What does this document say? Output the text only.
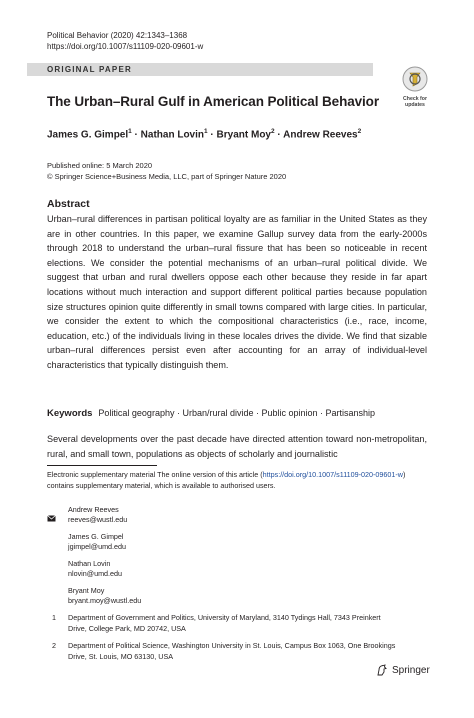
Political Behavior (2020) 42:1343–1368
https://doi.org/10.1007/s11109-020-09601-w
ORIGINAL PAPER
Check for updates
The Urban–Rural Gulf in American Political Behavior
James G. Gimpel$^1$ · Nathan Lovin$^1$ · Bryant Moy$^2$ · Andrew Reeves$^2$
Published online: 5 March 2020
© Springer Science+Business Media, LLC, part of Springer Nature 2020
Abstract
Urban–rural differences in partisan political loyalty are as familiar in the United States as they are in other countries. In this paper, we examine Gallup survey data from the early-2000s through 2018 to understand the urban–rural fissure that has been so noticeable in recent elections. We consider the potential mechanisms of an urban–rural political divide. We suggest that urban and rural dwellers oppose each other because they reside in far apart locations without much interaction and support different political parties because population size structures opinion quite differently in small towns compared with large cities. In particular, we consider the extent to which the compositional characteristics (i.e., race, income, education, etc.) of the individuals living in these locales drives the divide. We find that sizable urban–rural differences persist even after accounting for an array of individual-level characteristics that typically distinguish them.
Keywords Political geography · Urban/rural divide · Public opinion · Partisanship
Several developments over the past decade have directed attention toward non-metropolitan, rural, and small town, populations as objects of scholarly and journalistic
Electronic supplementary material The online version of this article (https://doi.org/10.1007/s11109-020-09601-w) contains supplementary material, which is available to authorised users.
Andrew Reeves
reeves@wustl.edu
James G. Gimpel
jgimpel@umd.edu
Nathan Lovin
nlovin@umd.edu
Bryant Moy
bryant.moy@wustl.edu
1	Department of Government and Politics, University of Maryland, 3140 Tydings Hall, 7343 Preinkert Drive, College Park, MD 20742, USA
2	Department of Political Science, Washington University in St. Louis, Campus Box 1063, One Brookings Drive, St. Louis, MO 63130, USA
Springer
